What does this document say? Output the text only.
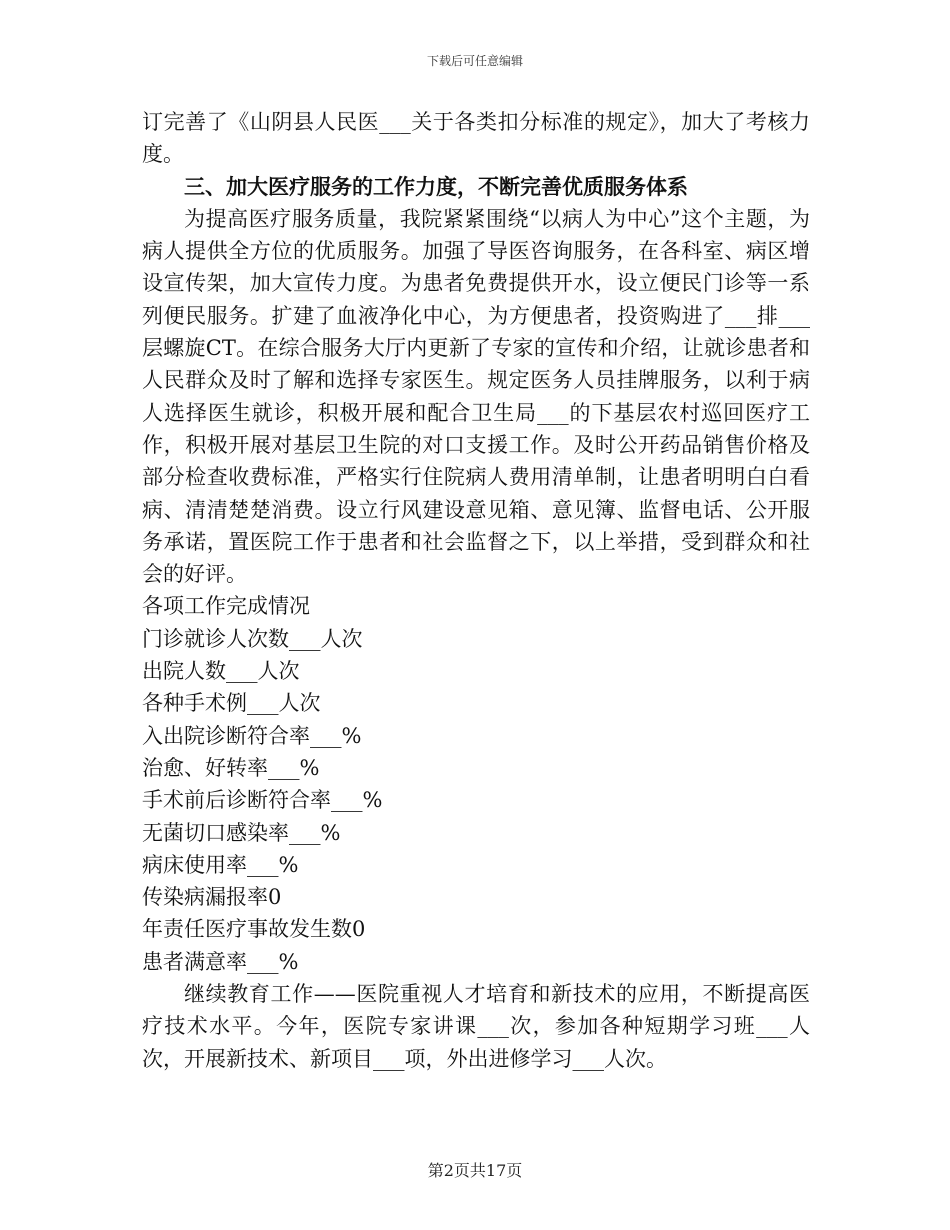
下载后可任意编辑

订完善了《山阴县人民医___关于各类扣分标准的规定》，加大了考核力度。

三、加大医疗服务的工作力度，不断完善优质服务体系

为提高医疗服务质量，我院紧紧围绕“以病人为中心”这个主题，为病人提供全方位的优质服务。加强了导医咨询服务，在各科室、病区增设宣传架，加大宣传力度。为患者免费提供开水，设立便民门诊等一系列便民服务。扩建了血液净化中心，为方便患者，投资购进了___排___层螺旋CT。在综合服务大厅内更新了专家的宣传和介绍，让就诊患者和人民群众及时了解和选择专家医生。规定医务人员挂牌服务，以利于病人选择医生就诊，积极开展和配合卫生局___的下基层农村巡回医疗工作，积极开展对基层卫生院的对口支援工作。及时公开药品销售价格及部分检查收费标准，严格实行住院病人费用清单制，让患者明明白白看病、清清楚楚消费。设立行风建设意见箱、意见簿、监督电话、公开服务承诺，置医院工作于患者和社会监督之下，以上举措，受到群众和社会的好评。

各项工作完成情况

门诊就诊人次数___人次

出院人数___人次

各种手术例___人次

入出院诊断符合率___%

治愈、好转率___%

手术前后诊断符合率___%

无菌切口感染率___%

病床使用率___%

传染病漏报率0

年责任医疗事故发生数0

患者满意率___%

继续教育工作——医院重视人才培育和新技术的应用，不断提高医疗技术水平。今年，医院专家讲课___次，参加各种短期学习班___人次，开展新技术、新项目___项，外出进修学习___人次。

第2页共17页
